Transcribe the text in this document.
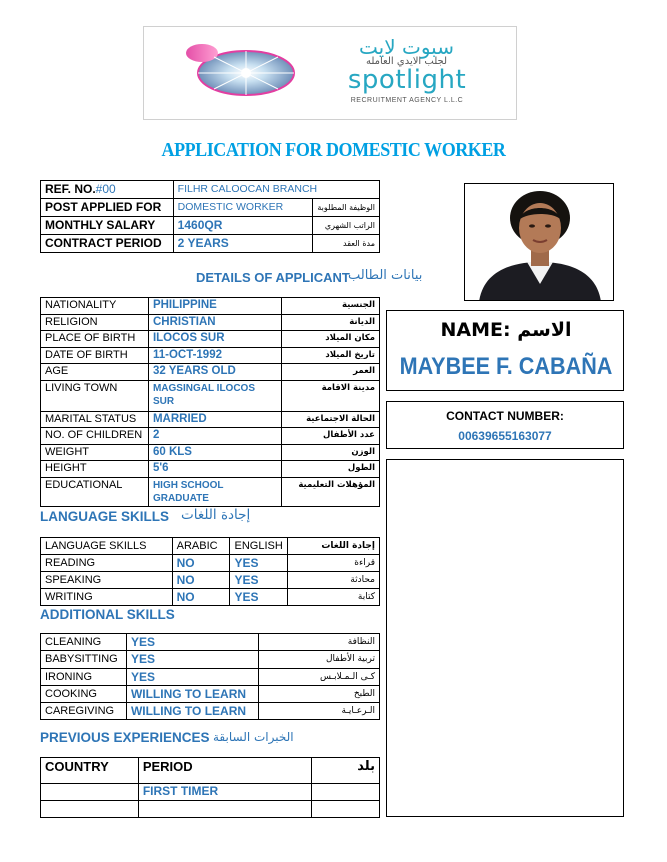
سبوت لايت
لجلب الايدي العامله
spotlight
RECRUITMENT AGENCY L.L.C
APPLICATION FOR DOMESTIC WORKER
REF. NO.#00	FILHR CALOOCAN BRANCH	
POST APPLIED FOR	DOMESTIC WORKER	الوظيفة المطلوبة
MONTHLY SALARY	1460QR	الراتب الشهري
CONTRACT PERIOD	2 YEARS	مدة العقد
DETAILS OF APPLICANT
بيانات الطالب
NATIONALITY	PHILIPPINE	الجنسية
RELIGION	CHRISTIAN	الديانة
PLACE OF BIRTH	ILOCOS SUR	مكان الميلاد
DATE OF BIRTH	11-OCT-1992	تاريخ الميلاد
AGE	32 YEARS OLD	العمر
LIVING TOWN	MAGSINGAL ILOCOS SUR	مدينة الاقامة
MARITAL STATUS	MARRIED	الحالة الاجتماعية
NO. OF CHILDREN	2	عدد الأطفال
WEIGHT	60 KLS	الوزن
HEIGHT	5'6	الطول
EDUCATIONAL	HIGH SCHOOL GRADUATE	المؤهلات التعليمية
NAME: الاسم
MAYBEE F. CABAÑA
CONTACT NUMBER:
00639655163077
LANGUAGE SKILLS إجادة اللغات
LANGUAGE SKILLS	ARABIC	ENGLISH	إجادة اللغات
READING	NO	YES	قراءة
SPEAKING	NO	YES	محادثة
WRITING	NO	YES	كتابة
ADDITIONAL SKILLS
CLEANING	YES	النظافة
BABYSITTING	YES	تربية الأطفال
IRONING	YES	كـى الـمـلابـس
COOKING	WILLING TO LEARN	الطبخ
CAREGIVING	WILLING TO LEARN	الـرعـايـة
PREVIOUS EXPERIENCES الخبرات السابقة
COUNTRY	PERIOD	بلد
	FIRST TIMER	
